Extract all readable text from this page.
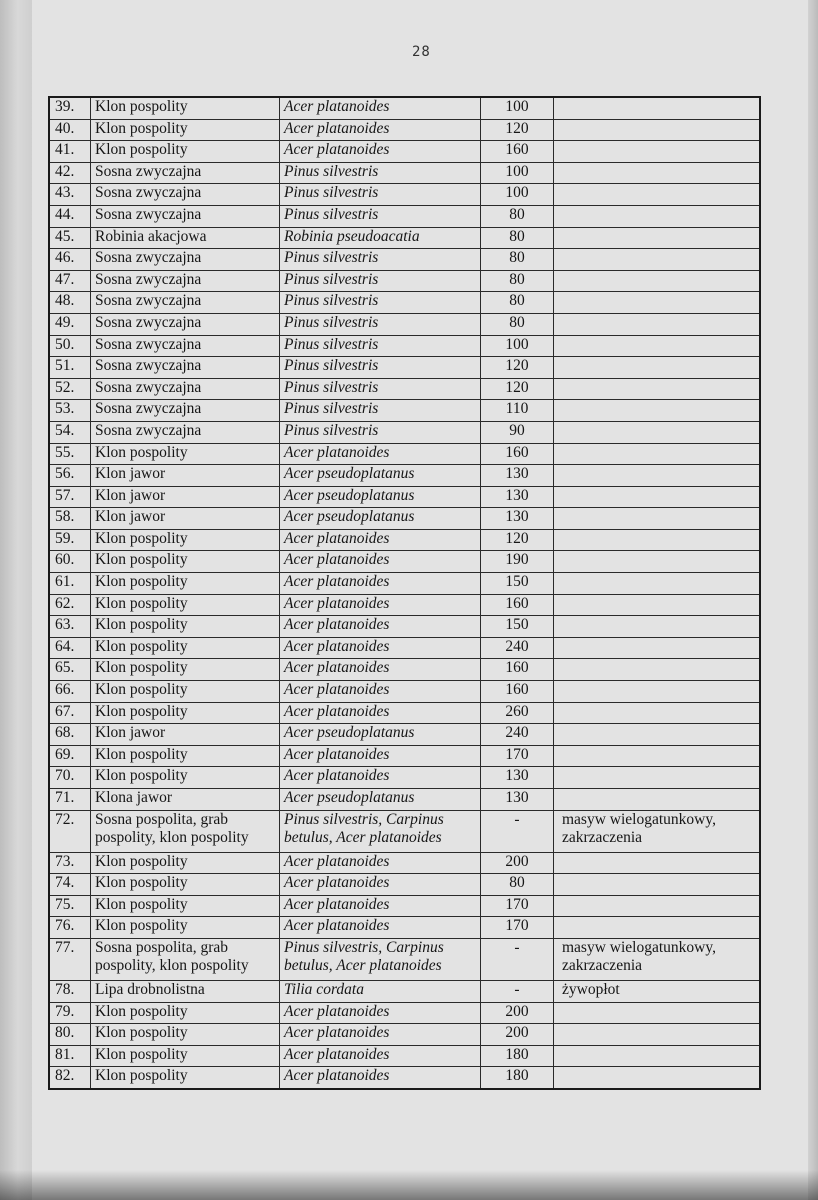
28
39.	Klon pospolity	Acer platanoides	100	
40.	Klon pospolity	Acer platanoides	120	
41.	Klon pospolity	Acer platanoides	160	
42.	Sosna zwyczajna	Pinus silvestris	100	
43.	Sosna zwyczajna	Pinus silvestris	100	
44.	Sosna zwyczajna	Pinus silvestris	80	
45.	Robinia akacjowa	Robinia pseudoacatia	80	
46.	Sosna zwyczajna	Pinus silvestris	80	
47.	Sosna zwyczajna	Pinus silvestris	80	
48.	Sosna zwyczajna	Pinus silvestris	80	
49.	Sosna zwyczajna	Pinus silvestris	80	
50.	Sosna zwyczajna	Pinus silvestris	100	
51.	Sosna zwyczajna	Pinus silvestris	120	
52.	Sosna zwyczajna	Pinus silvestris	120	
53.	Sosna zwyczajna	Pinus silvestris	110	
54.	Sosna zwyczajna	Pinus silvestris	90	
55.	Klon pospolity	Acer platanoides	160	
56.	Klon jawor	Acer pseudoplatanus	130	
57.	Klon jawor	Acer pseudoplatanus	130	
58.	Klon jawor	Acer pseudoplatanus	130	
59.	Klon pospolity	Acer platanoides	120	
60.	Klon pospolity	Acer platanoides	190	
61.	Klon pospolity	Acer platanoides	150	
62.	Klon pospolity	Acer platanoides	160	
63.	Klon pospolity	Acer platanoides	150	
64.	Klon pospolity	Acer platanoides	240	
65.	Klon pospolity	Acer platanoides	160	
66.	Klon pospolity	Acer platanoides	160	
67.	Klon pospolity	Acer platanoides	260	
68.	Klon jawor	Acer pseudoplatanus	240	
69.	Klon pospolity	Acer platanoides	170	
70.	Klon pospolity	Acer platanoides	130	
71.	Klona jawor	Acer pseudoplatanus	130	
72.	Sosna pospolita, grab pospolity, klon pospolity	Pinus silvestris, Carpinus betulus, Acer platanoides	-	masyw wielogatunkowy, zakrzaczenia
73.	Klon pospolity	Acer platanoides	200	
74.	Klon pospolity	Acer platanoides	80	
75.	Klon pospolity	Acer platanoides	170	
76.	Klon pospolity	Acer platanoides	170	
77.	Sosna pospolita, grab pospolity, klon pospolity	Pinus silvestris, Carpinus betulus, Acer platanoides	-	masyw wielogatunkowy, zakrzaczenia
78.	Lipa drobnolistna	Tilia cordata	-	żywopłot
79.	Klon pospolity	Acer platanoides	200	
80.	Klon pospolity	Acer platanoides	200	
81.	Klon pospolity	Acer platanoides	180	
82.	Klon pospolity	Acer platanoides	180	
